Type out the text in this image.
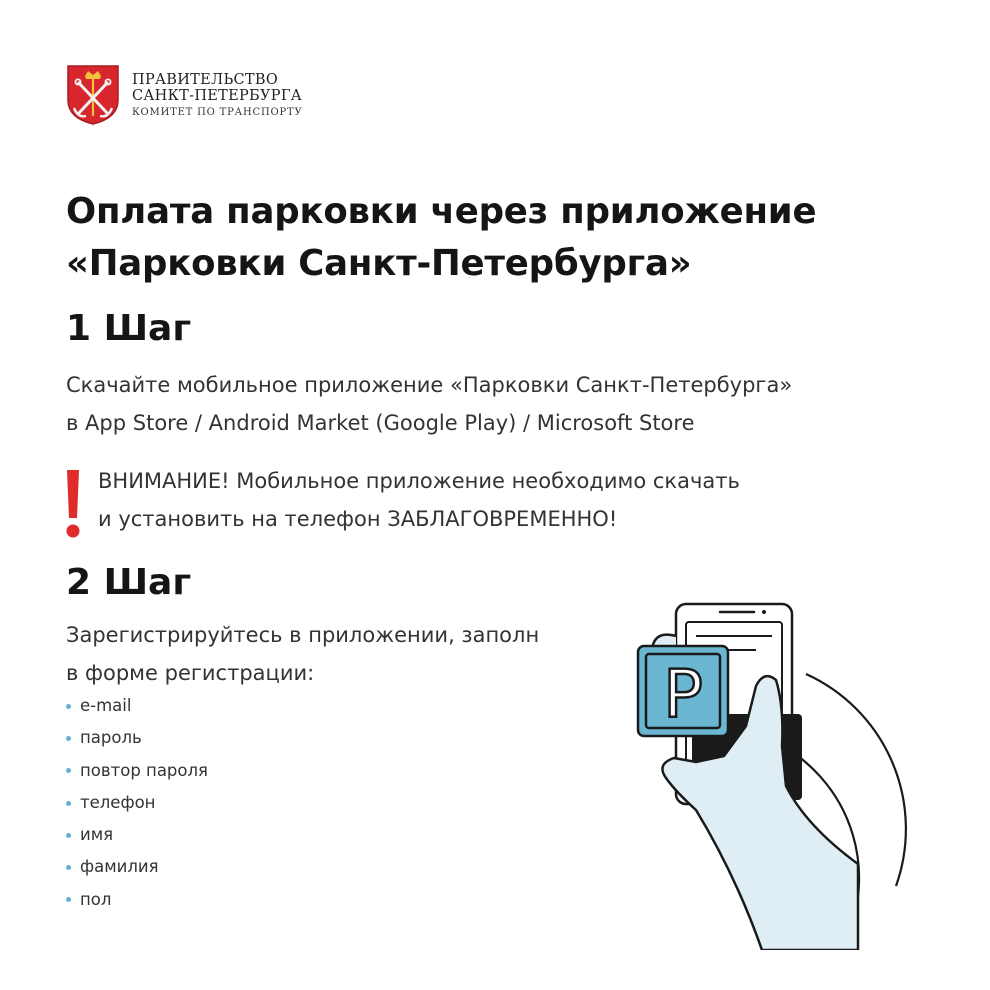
ПРАВИТЕЛЬСТВО
САНКТ-ПЕТЕРБУРГА
КОМИТЕТ ПО ТРАНСПОРТУ
Оплата парковки через приложение
«Парковки Санкт-Петербурга»
1 Шаг

Скачайте мобильное приложение «Парковки Санкт-Петербурга»
в App Store / Android Market (Google Play) / Microsoft Store

ВНИМАНИЕ! Мобильное приложение необходимо скачать
и установить на телефон ЗАБЛАГОВРЕМЕННО!
2 Шаг

Зарегистрируйтесь в приложении, заполн
в форме регистрации:

e-mail
пароль
повтор пароля
телефон
имя
фамилия
пол
P
